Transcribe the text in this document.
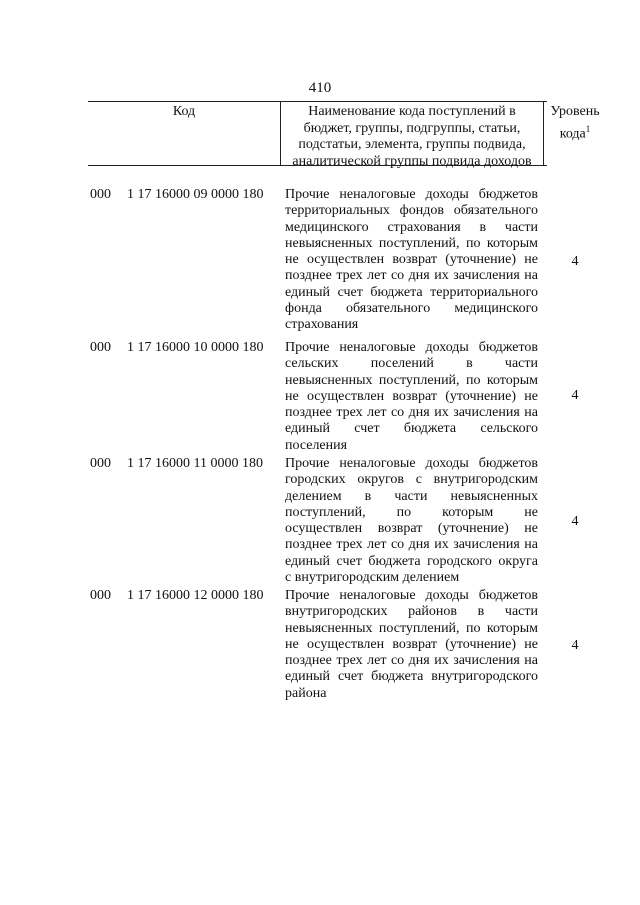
410
Код	Наименование кода поступлений в
бюджет, группы, подгруппы, статьи,
подстатьи, элемента, группы подвида,
аналитической группы подвида доходов
Уровень
кода$^1$
000 1 17 16000 09 0000 180 Прочие неналоговые доходы бюджетов
территориальных фондов обязательного
медицинского страхования в части
невыясненных поступлений, по которым
не осуществлен возврат (уточнение) не
позднее трех лет со дня их зачисления на
единый счет бюджета территориального
фонда обязательного медицинского
страхования
4
000 1 17 16000 10 0000 180 Прочие неналоговые доходы бюджетов
сельских поселений в части
невыясненных поступлений, по которым
не осуществлен возврат (уточнение) не
позднее трех лет со дня их зачисления на
единый счет бюджета сельского
поселения
4
000 1 17 16000 11 0000 180 Прочие неналоговые доходы бюджетов
городских округов с внутригородским
делением в части невыясненных
поступлений, по которым не
осуществлен возврат (уточнение) не
позднее трех лет со дня их зачисления на
единый счет бюджета городского округа
с внутригородским делением
4
000 1 17 16000 12 0000 180 Прочие неналоговые доходы бюджетов
внутригородских районов в части
невыясненных поступлений, по которым
не осуществлен возврат (уточнение) не
позднее трех лет со дня их зачисления на
единый счет бюджета внутригородского
района
4
